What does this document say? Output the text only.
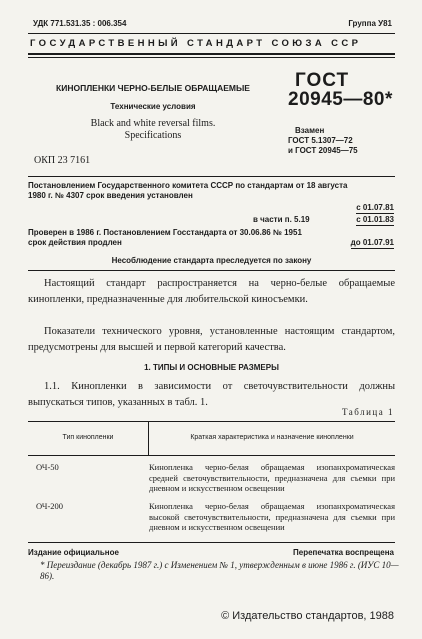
УДК 771.531.35 : 006.354	Группа У81
ГОСУДАРСТВЕННЫЙ СТАНДАРТ СОЮЗА ССР
КИНОПЛЕНКИ ЧЕРНО-БЕЛЫЕ ОБРАЩАЕМЫЕ
Технические условия
Black and white reversal films.
Specifications
ОКП 23 7161
ГОСТ
20945—80*
Взамен
ГОСТ 5.1307—72
и ГОСТ 20945—75
Постановлением Государственного комитета СССР по стандартам от 18 августа
1980 г. № 4307 срок введения установлен
с 01.07.81
в части п. 5.19	с 01.01.83
Проверен в 1986 г. Постановлением Госстандарта от 30.06.86 № 1951
срок действия продлен	до 01.07.91
Несоблюдение стандарта преследуется по закону
Настоящий стандарт распространяется на черно-белые обращаемые кинопленки, предназначенные для любительской киносъемки.
Показатели технического уровня, установленные настоящим стандартом, предусмотрены для высшей и первой категорий качества.
1. ТИПЫ И ОСНОВНЫЕ РАЗМЕРЫ
1.1. Кинопленки в зависимости от светочувствительности должны выпускаться типов, указанных в табл. 1.
Таблица 1
Тип кинопленки	Краткая характеристика и назначение кинопленки
ОЧ-50	Кинопленка черно-белая обращаемая изопанхроматическая средней светочувствительности, предназначена для съемки при дневном и искусственном освещении
ОЧ-200	Кинопленка черно-белая обращаемая изопанхроматическая высокой светочувствительности, предназначена для съемки при дневном и искусственном освещении
Издание официальное	Перепечатка воспрещена
* Переиздание (декабрь 1987 г.) с Изменением № 1, утвержденным в июне 1986 г. (ИУС 10—86).
© Издательство стандартов, 1988
